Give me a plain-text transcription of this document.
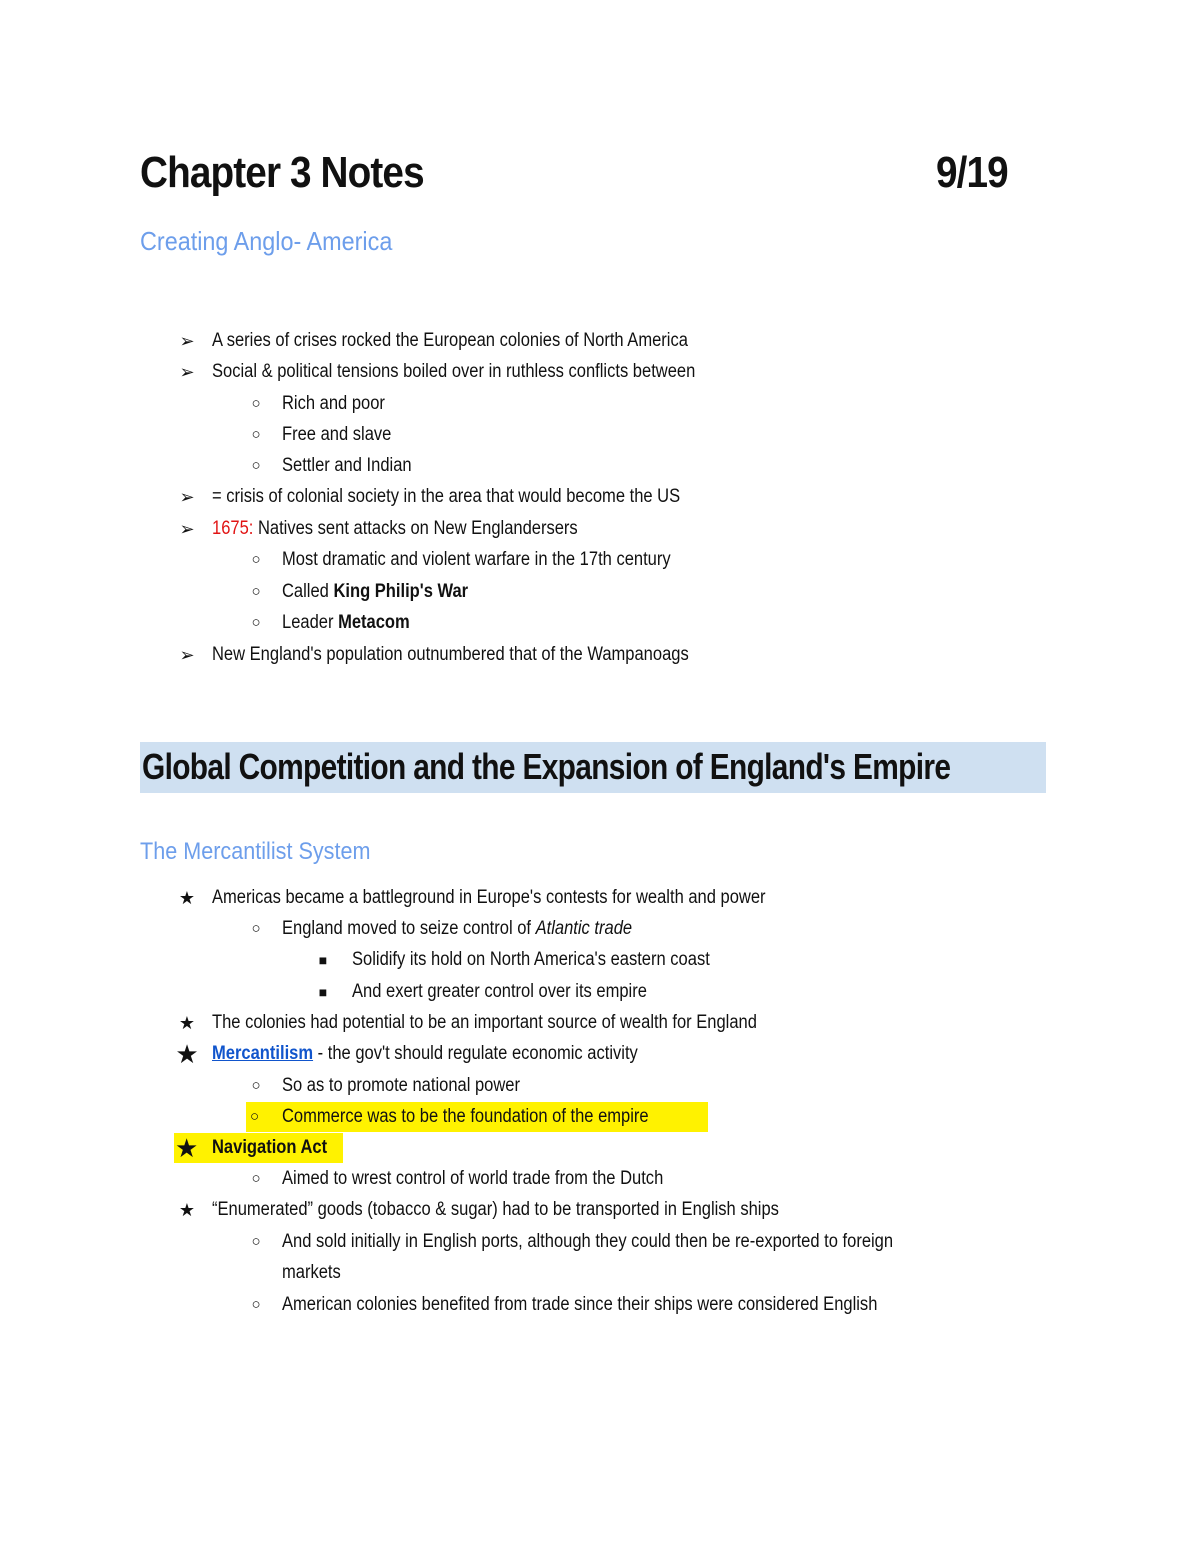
Chapter 3 Notes	9/19
Creating Anglo- America
➢ A series of crises rocked the European colonies of North America
➢ Social & political tensions boiled over in ruthless conflicts between
○	Rich and poor
○	Free and slave
○	Settler and Indian
➢ = crisis of colonial society in the area that would become the US
➢ 1675: Natives sent attacks on New Englandersers
○	Most dramatic and violent warfare in the 17th century
○	Called King Philip's War
○	Leader Metacom
➢ New England's population outnumbered that of the Wampanoags
Global Competition and the Expansion of England's Empire
The Mercantilist System
★ Americas became a battleground in Europe's contests for wealth and power
○	England moved to seize control of Atlantic trade
■	Solidify its hold on North America's eastern coast
■	And exert greater control over its empire
★ The colonies had potential to be an important source of wealth for England
★ Mercantilism - the gov't should regulate economic activity
○	So as to promote national power
○	Commerce was to be the foundation of the empire
★ Navigation Act
○	Aimed to wrest control of world trade from the Dutch
★ “Enumerated” goods (tobacco & sugar) had to be transported in English ships
○	And sold initially in English ports, although they could then be re-exported to foreign
markets
○	American colonies benefited from trade since their ships were considered English
